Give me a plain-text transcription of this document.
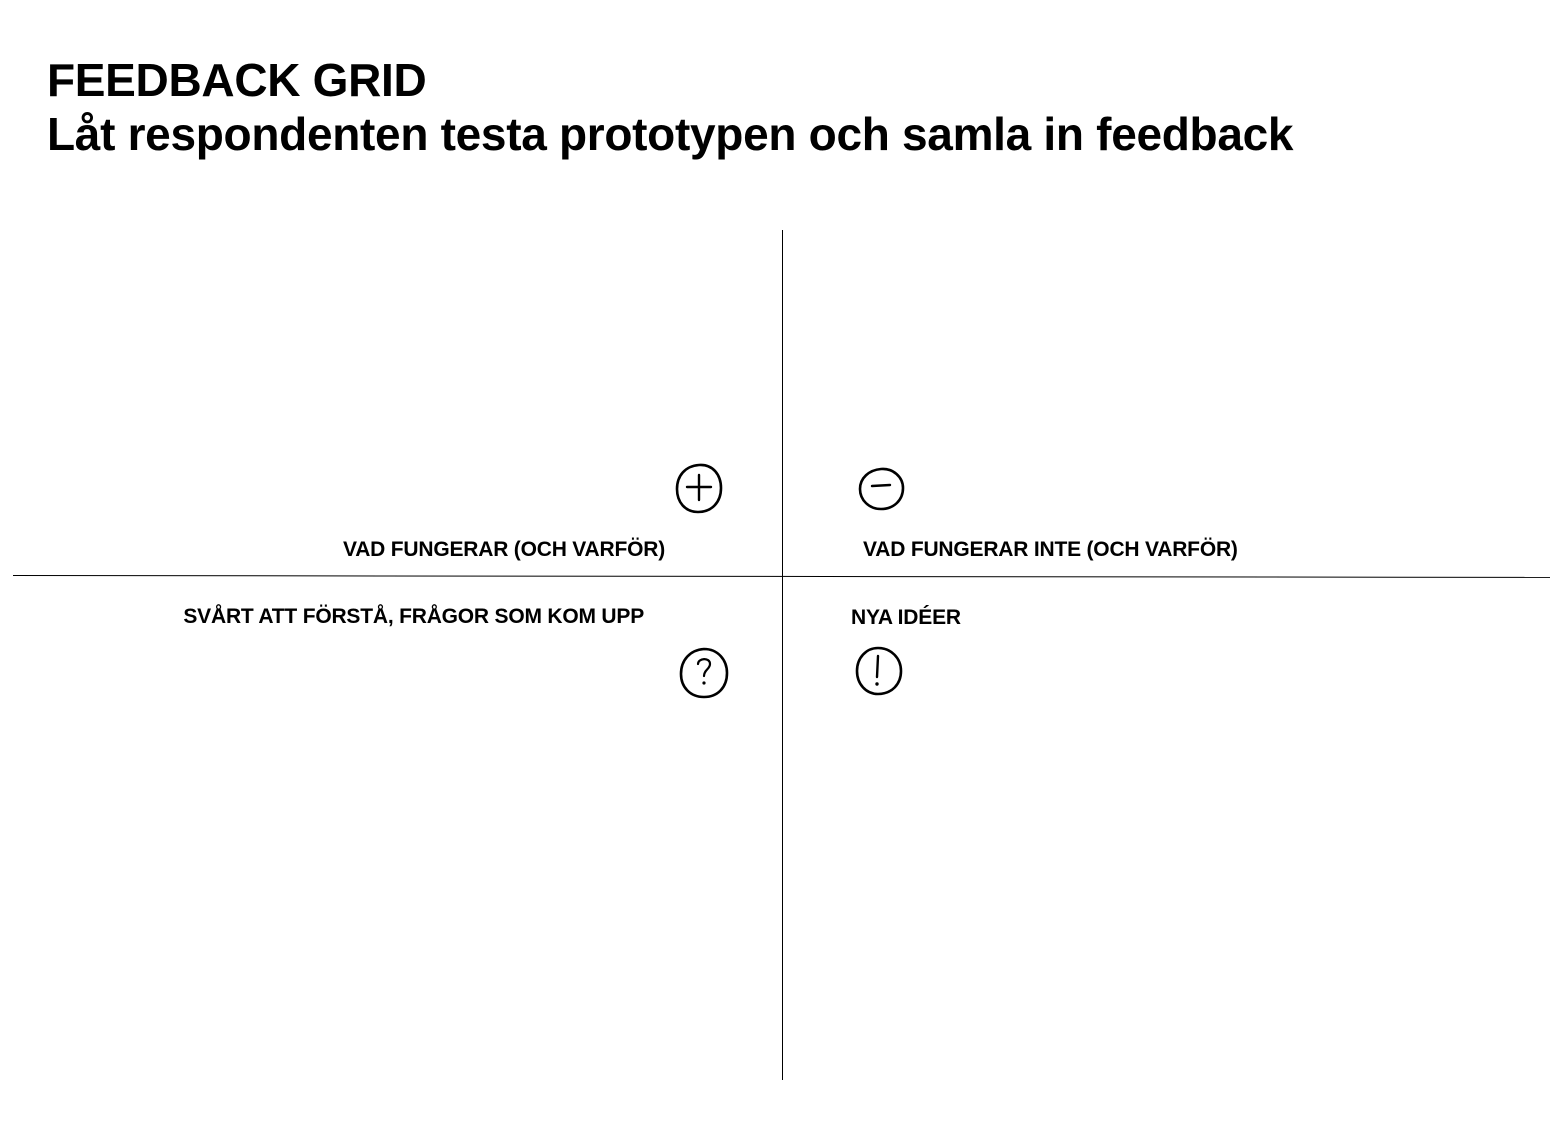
FEEDBACK GRID
Låt respondenten testa prototypen och samla in feedback
VAD FUNGERAR (OCH VARFÖR)	VAD FUNGERAR INTE (OCH VARFÖR)
SVÅRT ATT FÖRSTÅ, FRÅGOR SOM KOM UPP	NYA IDÉER
